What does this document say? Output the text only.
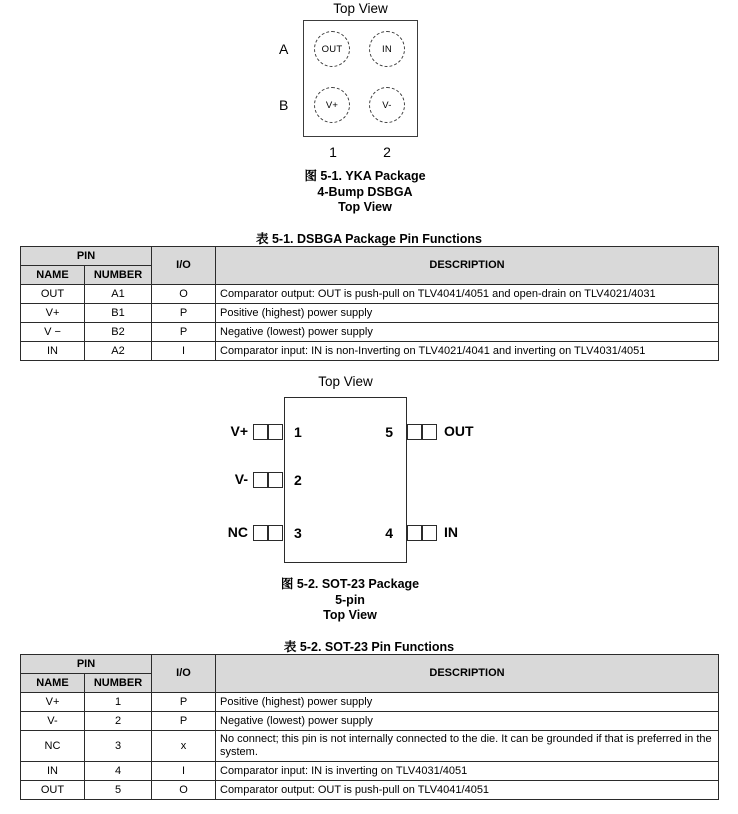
Top View
A
B
OUT	IN
V+	V-
1	2
图 5-1. YKA Package
4-Bump DSBGA
Top View
表 5-1. DSBGA Package Pin Functions
PIN		I/O	DESCRIPTION
NAME	NUMBER		
OUT	A1	O	Comparator output: OUT is push-pull on TLV4041/4051 and open-drain on TLV4021/4031
V+	B1	P	Positive (highest) power supply
V −	B2	P	Negative (lowest) power supply
IN	A2	I	Comparator input: IN is non-Inverting on TLV4021/4041 and inverting on TLV4031/4051
Top View
V+	1
V-	2
NC	3
5	OUT
4	IN
图 5-2. SOT-23 Package
5-pin
Top View
表 5-2. SOT-23 Pin Functions
PIN		I/O	DESCRIPTION
NAME	NUMBER		
V+	1	P	Positive (highest) power supply
V-	2	P	Negative (lowest) power supply
NC	3	x	No connect; this pin is not internally connected to the die. It can be grounded if that is preferred in the system.
IN	4	I	Comparator input: IN is inverting on TLV4031/4051
OUT	5	O	Comparator output: OUT is push-pull on TLV4041/4051
